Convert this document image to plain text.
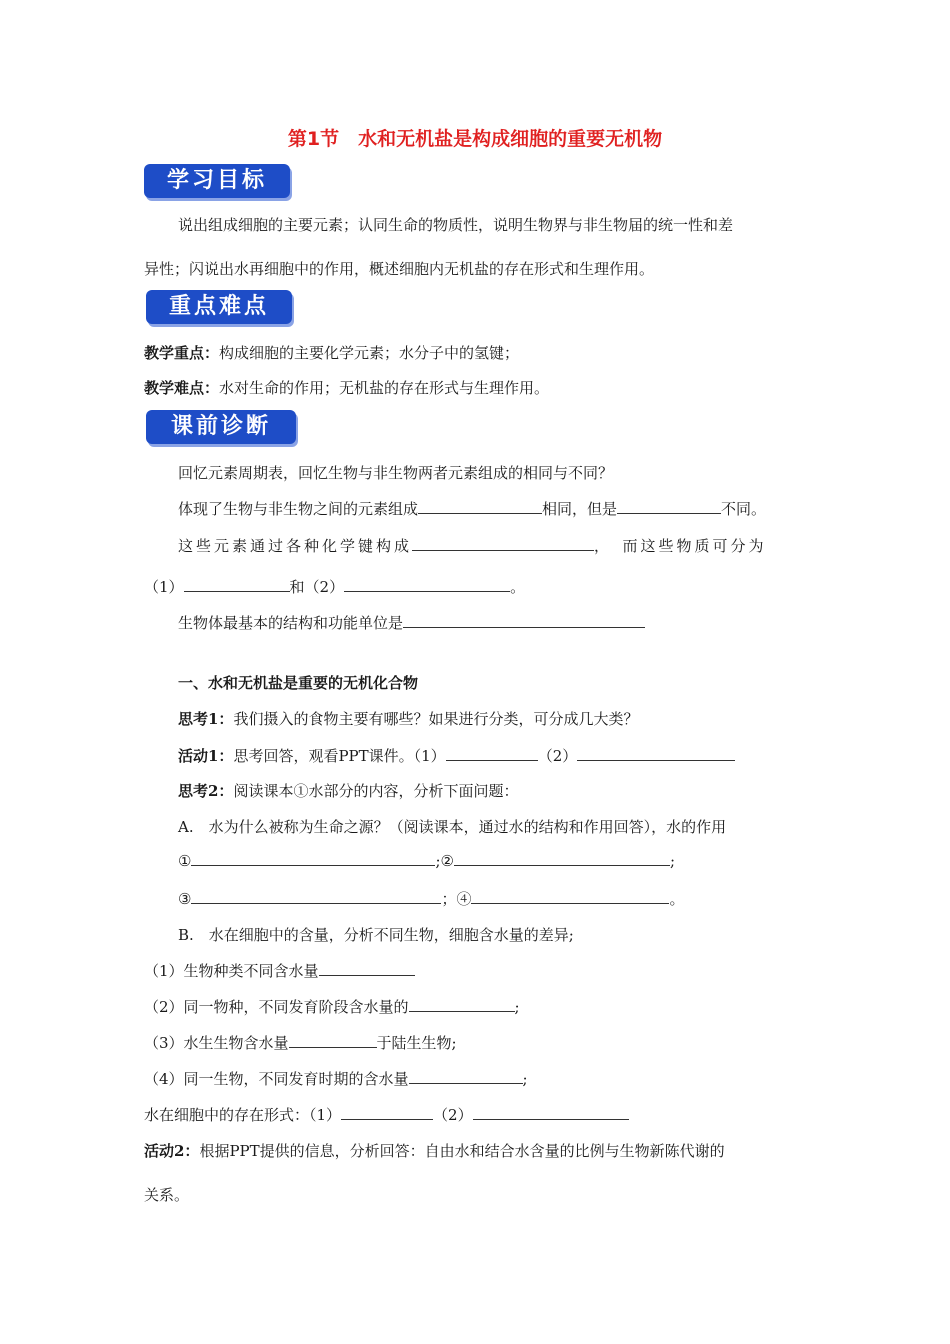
第1节　水和无机盐是构成细胞的重要无机物
学习目标
说出组成细胞的主要元素；认同生命的物质性，说明生物界与非生物届的统一性和差
异性；闪说出水再细胞中的作用，概述细胞内无机盐的存在形式和生理作用。
重点难点
教学重点：构成细胞的主要化学元素；水分子中的氢键；
教学难点：水对生命的作用；无机盐的存在形式与生理作用。
课前诊断
回忆元素周期表，回忆生物与非生物两者元素组成的相同与不同？
体现了生物与非生物之间的元素组成	相同，但是	不同。
这些元素通过各种化学键构成	，　而这些物质可分为
（1）	和（2）	。
生物体最基本的结构和功能单位是
一、水和无机盐是重要的无机化合物
思考1：我们摄入的食物主要有哪些？如果进行分类，可分成几大类？
活动1：思考回答，观看PPT课件。（1）	（2）
思考2：阅读课本①水部分的内容，分析下面问题：
A.　水为什么被称为生命之源？（阅读课本，通过水的结构和作用回答），水的作用
①	;②	;
③	；④	。
B.　水在细胞中的含量，分析不同生物，细胞含水量的差异;
（1）生物种类不同含水量
（2）同一物种，不同发育阶段含水量的	;
（3）水生生物含水量	于陆生生物;
（4）同一生物，不同发育时期的含水量	;
水在细胞中的存在形式：（1）	（2）
活动2：根据PPT提供的信息，分析回答：自由水和结合水含量的比例与生物新陈代谢的
关系。
